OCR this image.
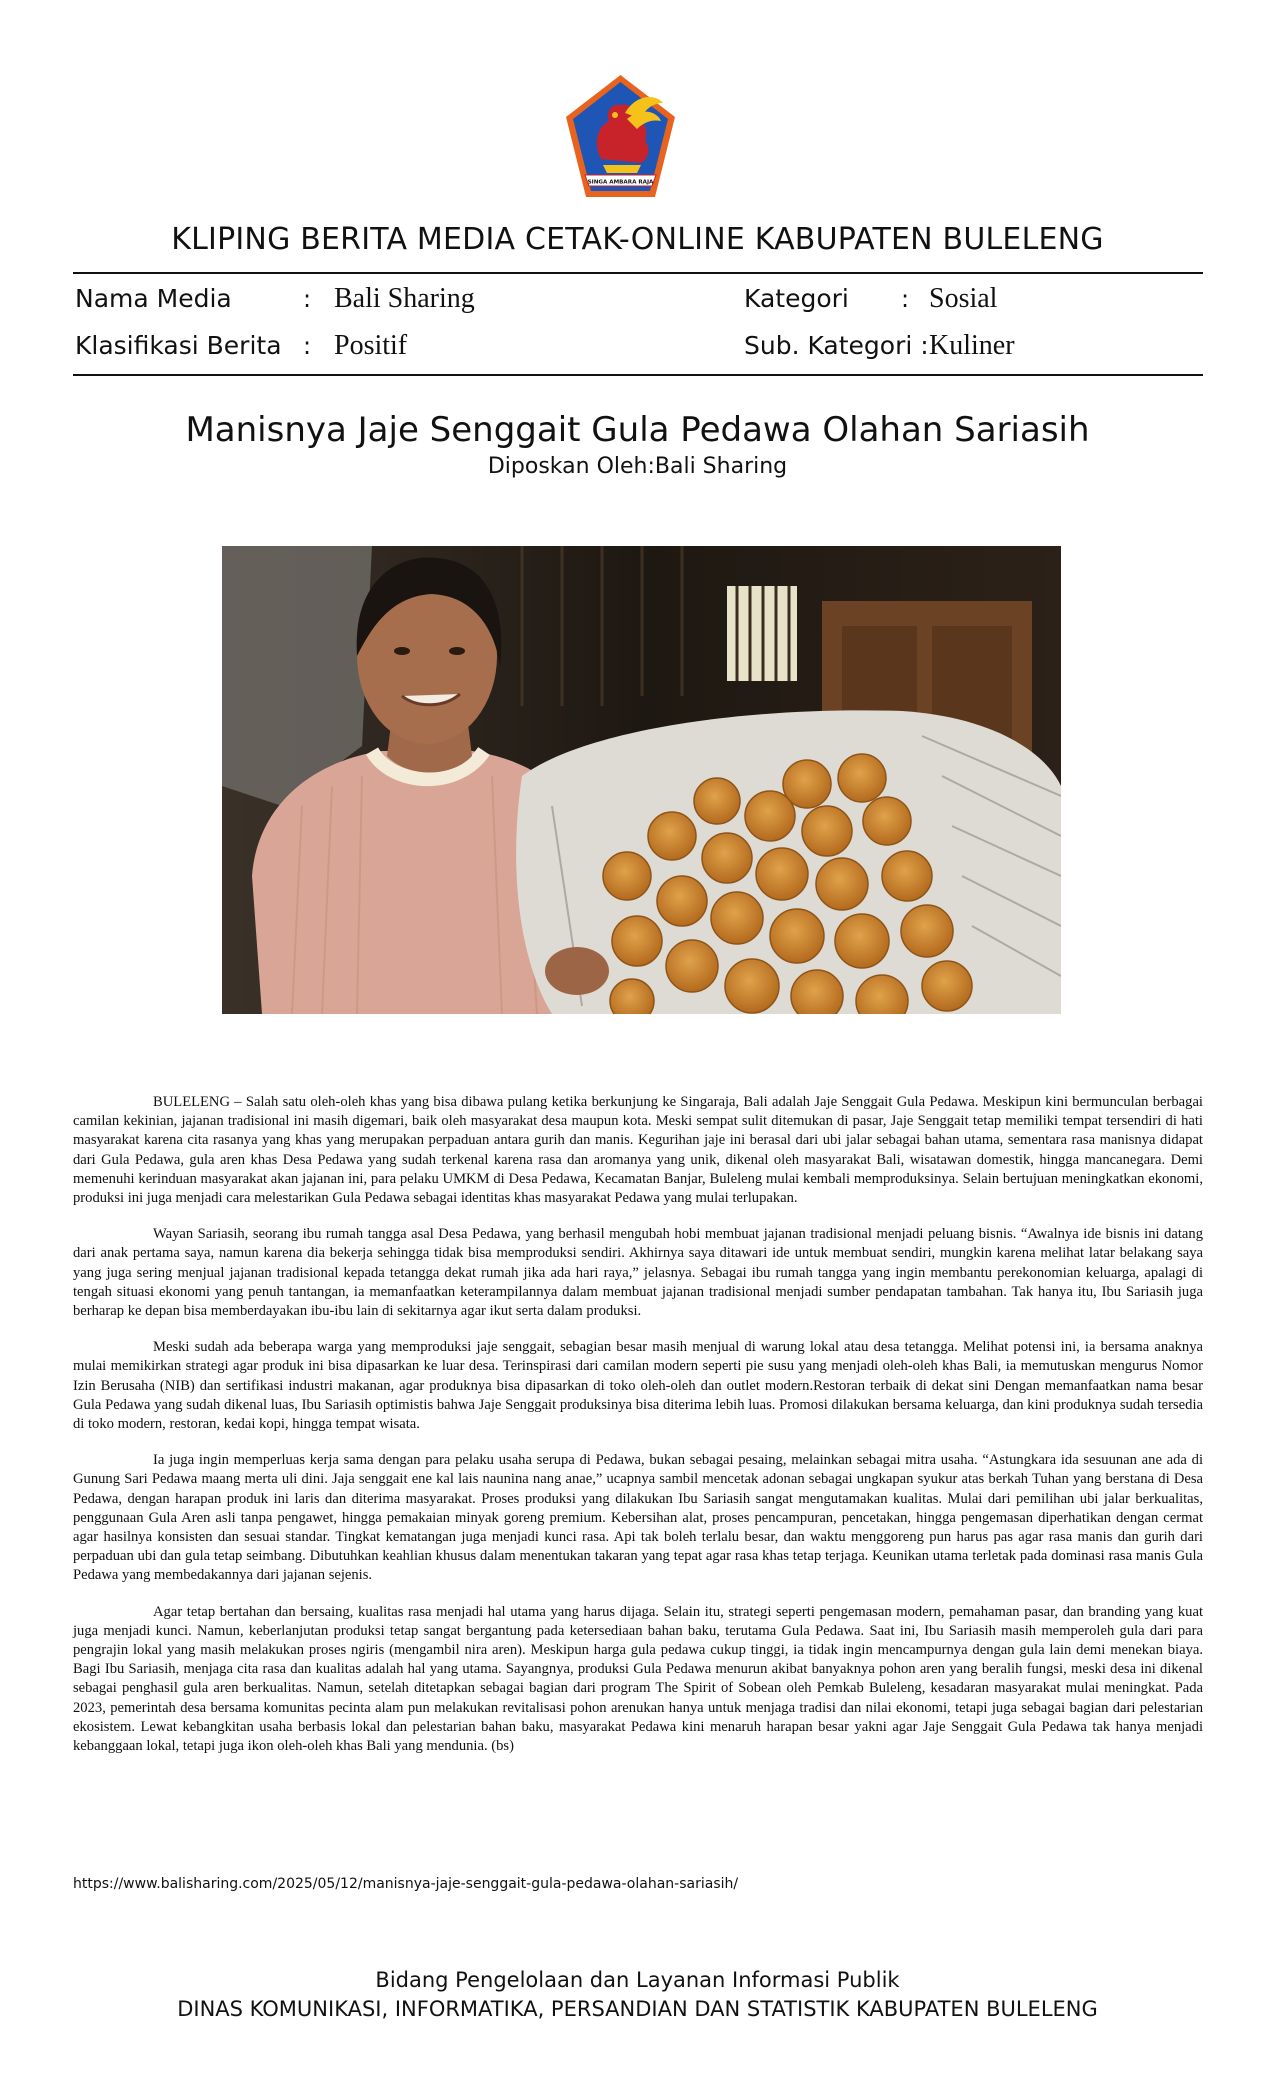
SINGA AMBARA RAJA
KLIPING BERITA MEDIA CETAK-ONLINE KABUPATEN BULELENG
Nama Media	: Bali Sharing
Klasifikasi Berita : Positif
Kategori : Sosial
Sub. Kategori : Kuliner
Manisnya Jaje Senggait Gula Pedawa Olahan Sariasih
Diposkan Oleh:Bali Sharing

BULELENG – Salah satu oleh-oleh khas yang bisa dibawa pulang ketika berkunjung ke Singaraja, Bali adalah Jaje Senggait Gula Pedawa. Meskipun kini bermunculan berbagai camilan kekinian, jajanan tradisional ini masih digemari, baik oleh masyarakat desa maupun kota. Meski sempat sulit ditemukan di pasar, Jaje Senggait tetap memiliki tempat tersendiri di hati masyarakat karena cita rasanya yang khas yang merupakan perpaduan antara gurih dan manis. Kegurihan jaje ini berasal dari ubi jalar sebagai bahan utama, sementara rasa manisnya didapat dari Gula Pedawa, gula aren khas Desa Pedawa yang sudah terkenal karena rasa dan aromanya yang unik, dikenal oleh masyarakat Bali, wisatawan domestik, hingga mancanegara. Demi memenuhi kerinduan masyarakat akan jajanan ini, para pelaku UMKM di Desa Pedawa, Kecamatan Banjar, Buleleng mulai kembali memproduksinya. Selain bertujuan meningkatkan ekonomi, produksi ini juga menjadi cara melestarikan Gula Pedawa sebagai identitas khas masyarakat Pedawa yang mulai terlupakan.

Wayan Sariasih, seorang ibu rumah tangga asal Desa Pedawa, yang berhasil mengubah hobi membuat jajanan tradisional menjadi peluang bisnis. “Awalnya ide bisnis ini datang dari anak pertama saya, namun karena dia bekerja sehingga tidak bisa memproduksi sendiri. Akhirnya saya ditawari ide untuk membuat sendiri, mungkin karena melihat latar belakang saya yang juga sering menjual jajanan tradisional kepada tetangga dekat rumah jika ada hari raya,” jelasnya. Sebagai ibu rumah tangga yang ingin membantu perekonomian keluarga, apalagi di tengah situasi ekonomi yang penuh tantangan, ia memanfaatkan keterampilannya dalam membuat jajanan tradisional menjadi sumber pendapatan tambahan. Tak hanya itu, Ibu Sariasih juga berharap ke depan bisa memberdayakan ibu-ibu lain di sekitarnya agar ikut serta dalam produksi.

Meski sudah ada beberapa warga yang memproduksi jaje senggait, sebagian besar masih menjual di warung lokal atau desa tetangga. Melihat potensi ini, ia bersama anaknya mulai memikirkan strategi agar produk ini bisa dipasarkan ke luar desa. Terinspirasi dari camilan modern seperti pie susu yang menjadi oleh-oleh khas Bali, ia memutuskan mengurus Nomor Izin Berusaha (NIB) dan sertifikasi industri makanan, agar produknya bisa dipasarkan di toko oleh-oleh dan outlet modern.Restoran terbaik di dekat sini Dengan memanfaatkan nama besar Gula Pedawa yang sudah dikenal luas, Ibu Sariasih optimistis bahwa Jaje Senggait produksinya bisa diterima lebih luas. Promosi dilakukan bersama keluarga, dan kini produknya sudah tersedia di toko modern, restoran, kedai kopi, hingga tempat wisata.

Ia juga ingin memperluas kerja sama dengan para pelaku usaha serupa di Pedawa, bukan sebagai pesaing, melainkan sebagai mitra usaha. “Astungkara ida sesuunan ane ada di Gunung Sari Pedawa maang merta uli dini. Jaja senggait ene kal lais naunina nang anae,” ucapnya sambil mencetak adonan sebagai ungkapan syukur atas berkah Tuhan yang berstana di Desa Pedawa, dengan harapan produk ini laris dan diterima masyarakat. Proses produksi yang dilakukan Ibu Sariasih sangat mengutamakan kualitas. Mulai dari pemilihan ubi jalar berkualitas, penggunaan Gula Aren asli tanpa pengawet, hingga pemakaian minyak goreng premium. Kebersihan alat, proses pencampuran, pencetakan, hingga pengemasan diperhatikan dengan cermat agar hasilnya konsisten dan sesuai standar. Tingkat kematangan juga menjadi kunci rasa. Api tak boleh terlalu besar, dan waktu menggoreng pun harus pas agar rasa manis dan gurih dari perpaduan ubi dan gula tetap seimbang. Dibutuhkan keahlian khusus dalam menentukan takaran yang tepat agar rasa khas tetap terjaga. Keunikan utama terletak pada dominasi rasa manis Gula Pedawa yang membedakannya dari jajanan sejenis.

Agar tetap bertahan dan bersaing, kualitas rasa menjadi hal utama yang harus dijaga. Selain itu, strategi seperti pengemasan modern, pemahaman pasar, dan branding yang kuat juga menjadi kunci. Namun, keberlanjutan produksi tetap sangat bergantung pada ketersediaan bahan baku, terutama Gula Pedawa. Saat ini, Ibu Sariasih masih memperoleh gula dari para pengrajin lokal yang masih melakukan proses ngiris (mengambil nira aren). Meskipun harga gula pedawa cukup tinggi, ia tidak ingin mencampurnya dengan gula lain demi menekan biaya. Bagi Ibu Sariasih, menjaga cita rasa dan kualitas adalah hal yang utama. Sayangnya, produksi Gula Pedawa menurun akibat banyaknya pohon aren yang beralih fungsi, meski desa ini dikenal sebagai penghasil gula aren berkualitas. Namun, setelah ditetapkan sebagai bagian dari program The Spirit of Sobean oleh Pemkab Buleleng, kesadaran masyarakat mulai meningkat. Pada 2023, pemerintah desa bersama komunitas pecinta alam pun melakukan revitalisasi pohon arenukan hanya untuk menjaga tradisi dan nilai ekonomi, tetapi juga sebagai bagian dari pelestarian ekosistem. Lewat kebangkitan usaha berbasis lokal dan pelestarian bahan baku, masyarakat Pedawa kini menaruh harapan besar yakni agar Jaje Senggait Gula Pedawa tak hanya menjadi kebanggaan lokal, tetapi juga ikon oleh-oleh khas Bali yang mendunia. (bs)

https://www.balisharing.com/2025/05/12/manisnya-jaje-senggait-gula-pedawa-olahan-sariasih/
Bidang Pengelolaan dan Layanan Informasi Publik
DINAS KOMUNIKASI, INFORMATIKA, PERSANDIAN DAN STATISTIK KABUPATEN BULELENG
